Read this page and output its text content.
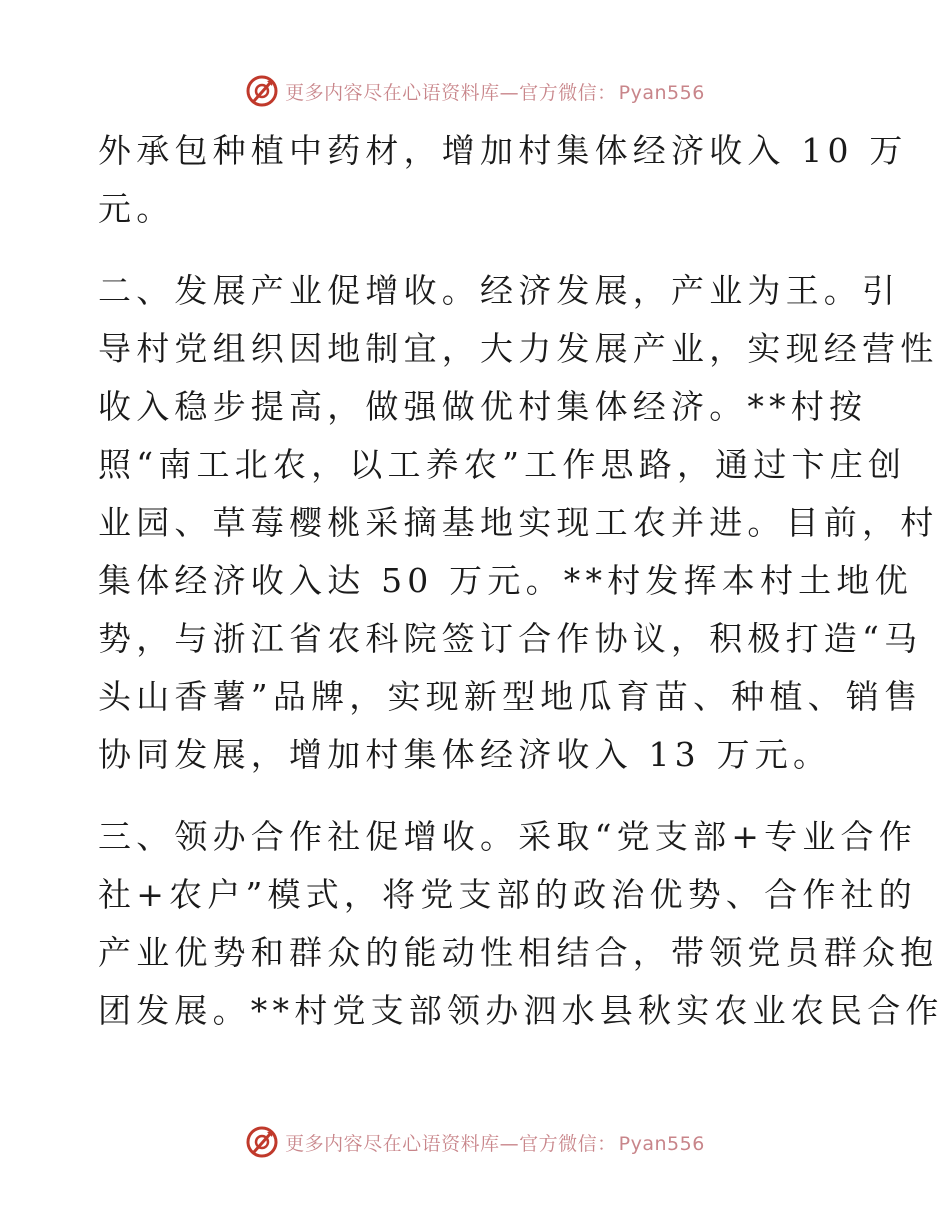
更多内容尽在心语资料库—官方微信： Pyan556
外承包种植中药材，增加村集体经济收入 10 万
元。
二、发展产业促增收。经济发展，产业为王。引
导村党组织因地制宜，大力发展产业，实现经营性
收入稳步提高，做强做优村集体经济。**村按
照“南工北农，以工养农”工作思路，通过卞庄创
业园、草莓樱桃采摘基地实现工农并进。目前，村
集体经济收入达 50 万元。**村发挥本村土地优
势，与浙江省农科院签订合作协议，积极打造“马
头山香薯”品牌，实现新型地瓜育苗、种植、销售
协同发展，增加村集体经济收入 13 万元。
三、领办合作社促增收。采取“党支部+专业合作
社+农户”模式，将党支部的政治优势、合作社的
产业优势和群众的能动性相结合，带领党员群众抱
团发展。**村党支部领办泗水县秋实农业农民合作
更多内容尽在心语资料库—官方微信： Pyan556
